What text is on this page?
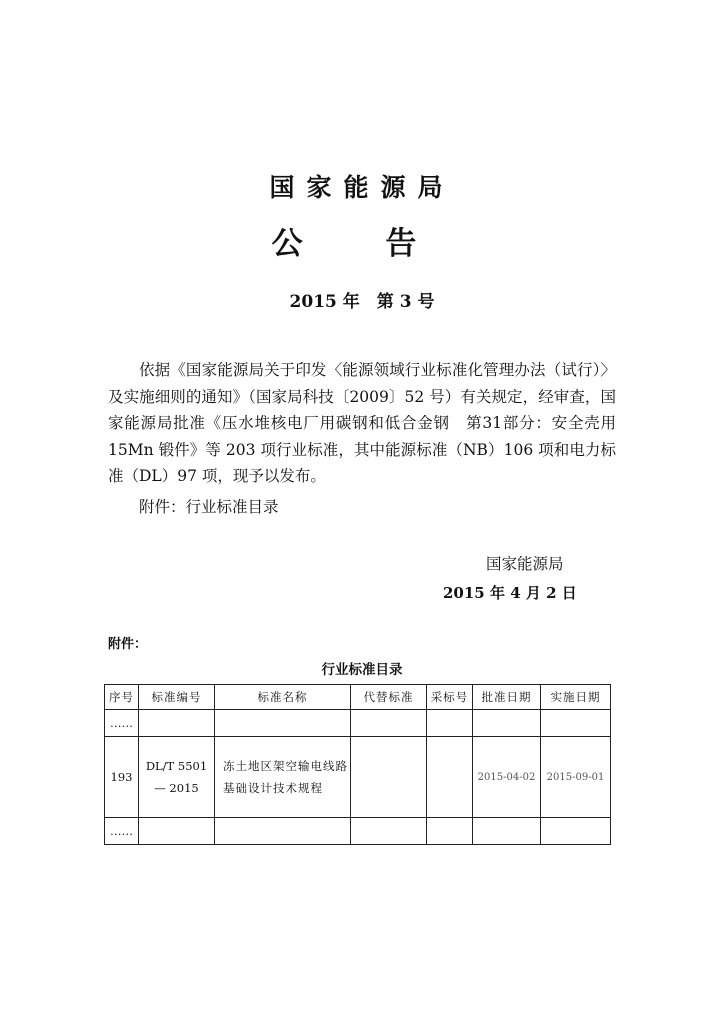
国家能源局
公 告
2015 年　第 3 号

依据《国家能源局关于印发〈能源领域行业标准化管理办法（试行）〉及实施细则的通知》（国家局科技〔2009〕52 号）有关规定，经审查，国家能源局批准《压水堆核电厂用碳钢和低合金钢　第31部分：安全壳用 15Mn 锻件》等 203 项行业标准，其中能源标准（NB）106 项和电力标准（DL）97 项，现予以发布。

附件：行业标准目录
国家能源局
2015 年 4 月 2 日
附件：
行业标准目录
序号	标准编号	标准名称	代替标准	采标号	批准日期	实施日期
……						
193	DL/T 5501 — 2015	冻土地区架空输电线路基础设计技术规程			2015-04-02	2015-09-01
……						
